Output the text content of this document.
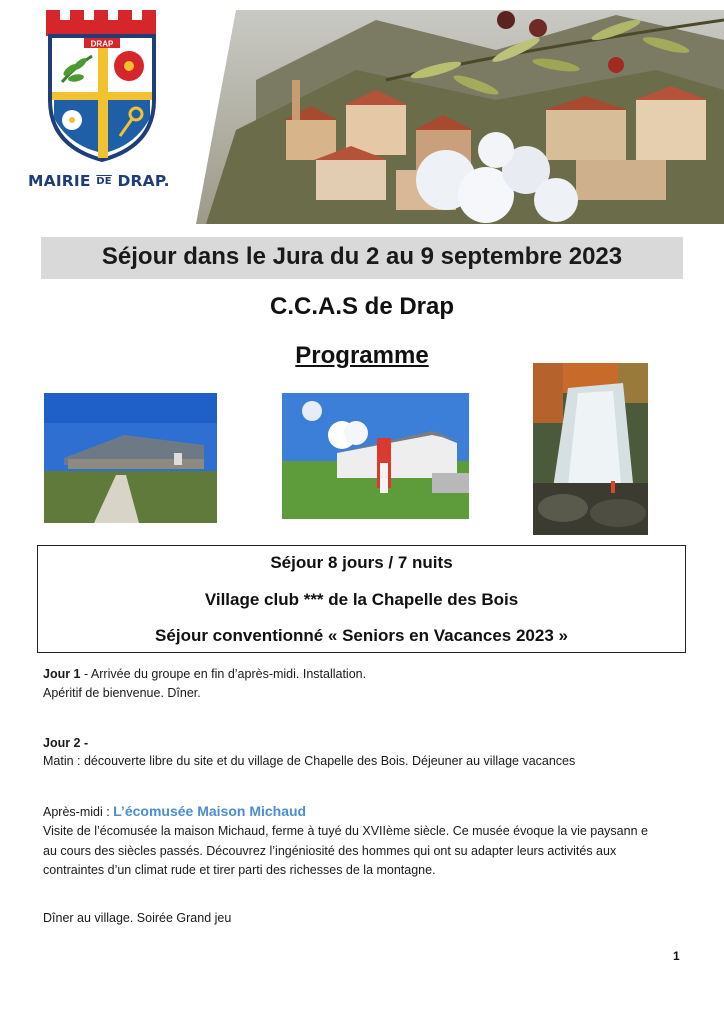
DRAP
MAIRIE $\overline{DE}$ DRAP.
Séjour dans le Jura du 2 au 9 septembre 2023
C.C.A.S de Drap
Programme
Séjour 8 jours / 7 nuits
Village club *** de la Chapelle des Bois
Séjour conventionné « Seniors en Vacances 2023 »
Jour 1 - Arrivée du groupe en fin d’après-midi. Installation.
Apéritif de bienvenue. Dîner.
Jour 2 -
Matin : découverte libre du site et du village de Chapelle des Bois. Déjeuner au village vacances
Après-midi : L’écomusée Maison Michaud
Visite de l’écomusée la maison Michaud, ferme à tuyé du XVIIème siècle. Ce musée évoque la vie paysann e
au cours des siècles passés. Découvrez l’ingéniosité des hommes qui ont su adapter leurs activités aux
contraintes d’un climat rude et tirer parti des richesses de la montagne.
Dîner au village. Soirée Grand jeu
1
